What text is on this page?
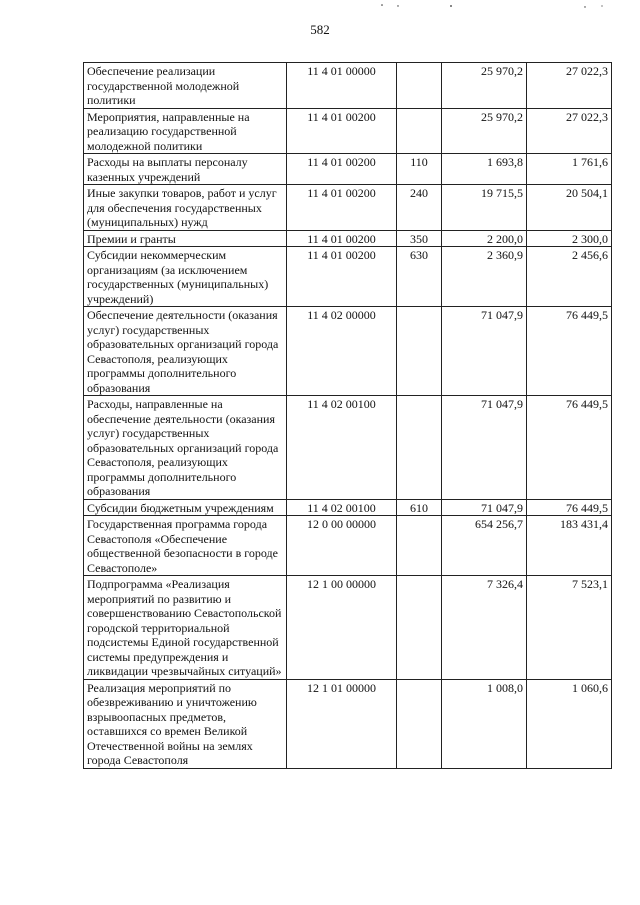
582
Обеспечение реализации государственной молодежной политики	11 4 01 00000		25 970,2	27 022,3
Мероприятия, направленные на реализацию государственной молодежной политики	11 4 01 00200		25 970,2	27 022,3
Расходы на выплаты персоналу казенных учреждений	11 4 01 00200	110	1 693,8	1 761,6
Иные закупки товаров, работ и услуг для обеспечения государственных (муниципальных) нужд	11 4 01 00200	240	19 715,5	20 504,1
Премии и гранты	11 4 01 00200	350	2 200,0	2 300,0
Субсидии некоммерческим организациям (за исключением государственных (муниципальных) учреждений)	11 4 01 00200	630	2 360,9	2 456,6
Обеспечение деятельности (оказания услуг) государственных образовательных организаций города Севастополя, реализующих программы дополнительного образования	11 4 02 00000		71 047,9	76 449,5
Расходы, направленные на обеспечение деятельности (оказания услуг) государственных образовательных организаций города Севастополя, реализующих программы дополнительного образования	11 4 02 00100		71 047,9	76 449,5
Субсидии бюджетным учреждениям	11 4 02 00100	610	71 047,9	76 449,5
Государственная программа города Севастополя «Обеспечение общественной безопасности в городе Севастополе»	12 0 00 00000		654 256,7	183 431,4
Подпрограмма «Реализация мероприятий по развитию и совершенствованию Севастопольской городской территориальной подсистемы Единой государственной системы предупреждения и ликвидации чрезвычайных ситуаций»	12 1 00 00000		7 326,4	7 523,1
Реализация мероприятий по обезвреживанию и уничтожению взрывоопасных предметов, оставшихся со времен Великой Отечественной войны на землях города Севастополя	12 1 01 00000		1 008,0	1 060,6
